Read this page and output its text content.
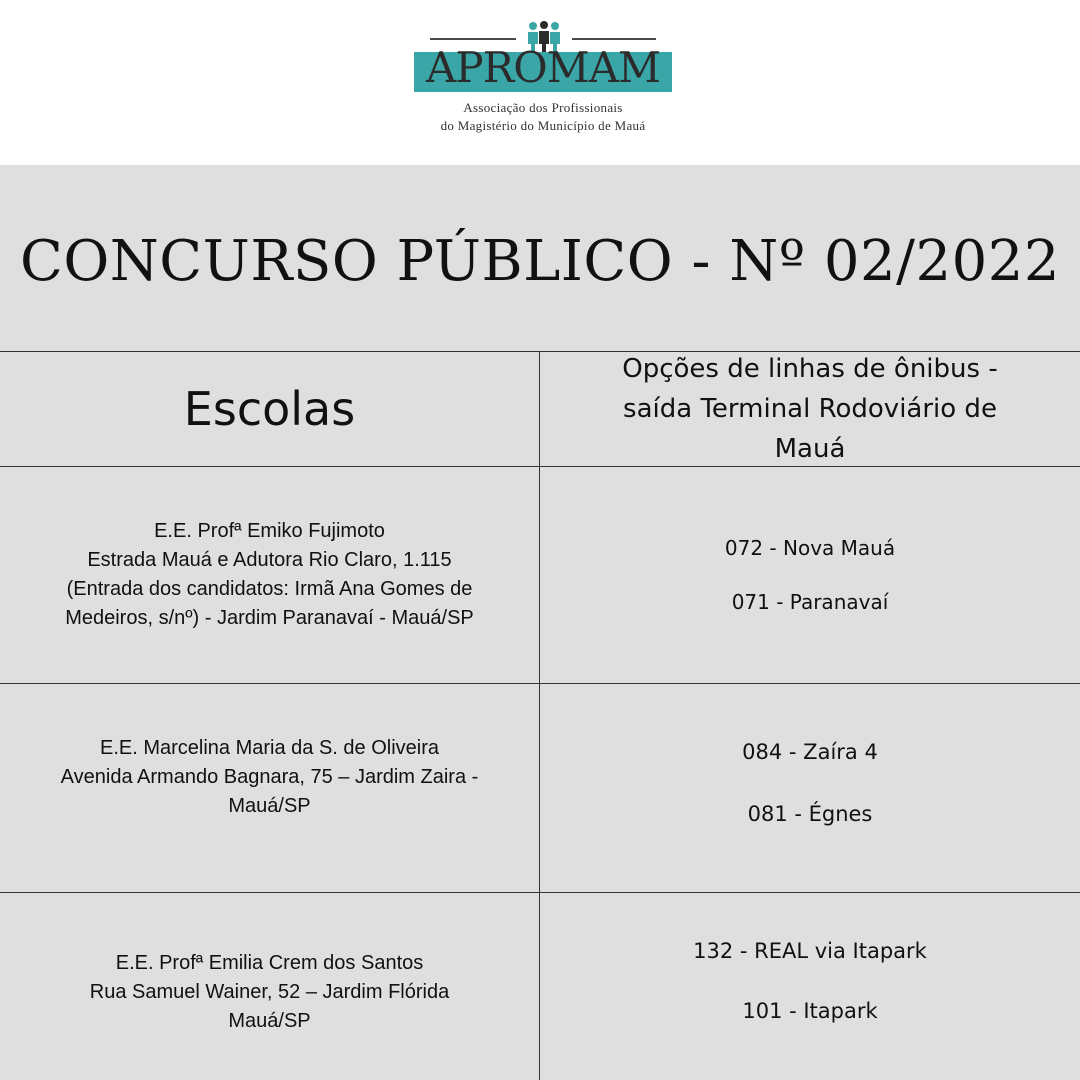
APROMAM
Associação dos Profissionais
do Magistério do Município de Mauá
CONCURSO PÚBLICO - Nº 02/2022
Escolas
Opções de linhas de ônibus - saída Terminal Rodoviário de Mauá
E.E. Profª Emiko Fujimoto
Estrada Mauá e Adutora Rio Claro, 1.115 (Entrada dos candidatos: Irmã Ana Gomes de Medeiros, s/nº) - Jardim Paranavaí - Mauá/SP
072 - Nova Mauá
071 - Paranavaí
E.E. Marcelina Maria da S. de Oliveira
Avenida Armando Bagnara, 75 – Jardim Zaira - Mauá/SP
084 - Zaíra 4
081 - Égnes
E.E. Profª Emilia Crem dos Santos
Rua Samuel Wainer, 52 – Jardim Flórida Mauá/SP
132 - REAL via Itapark
101 - Itapark
